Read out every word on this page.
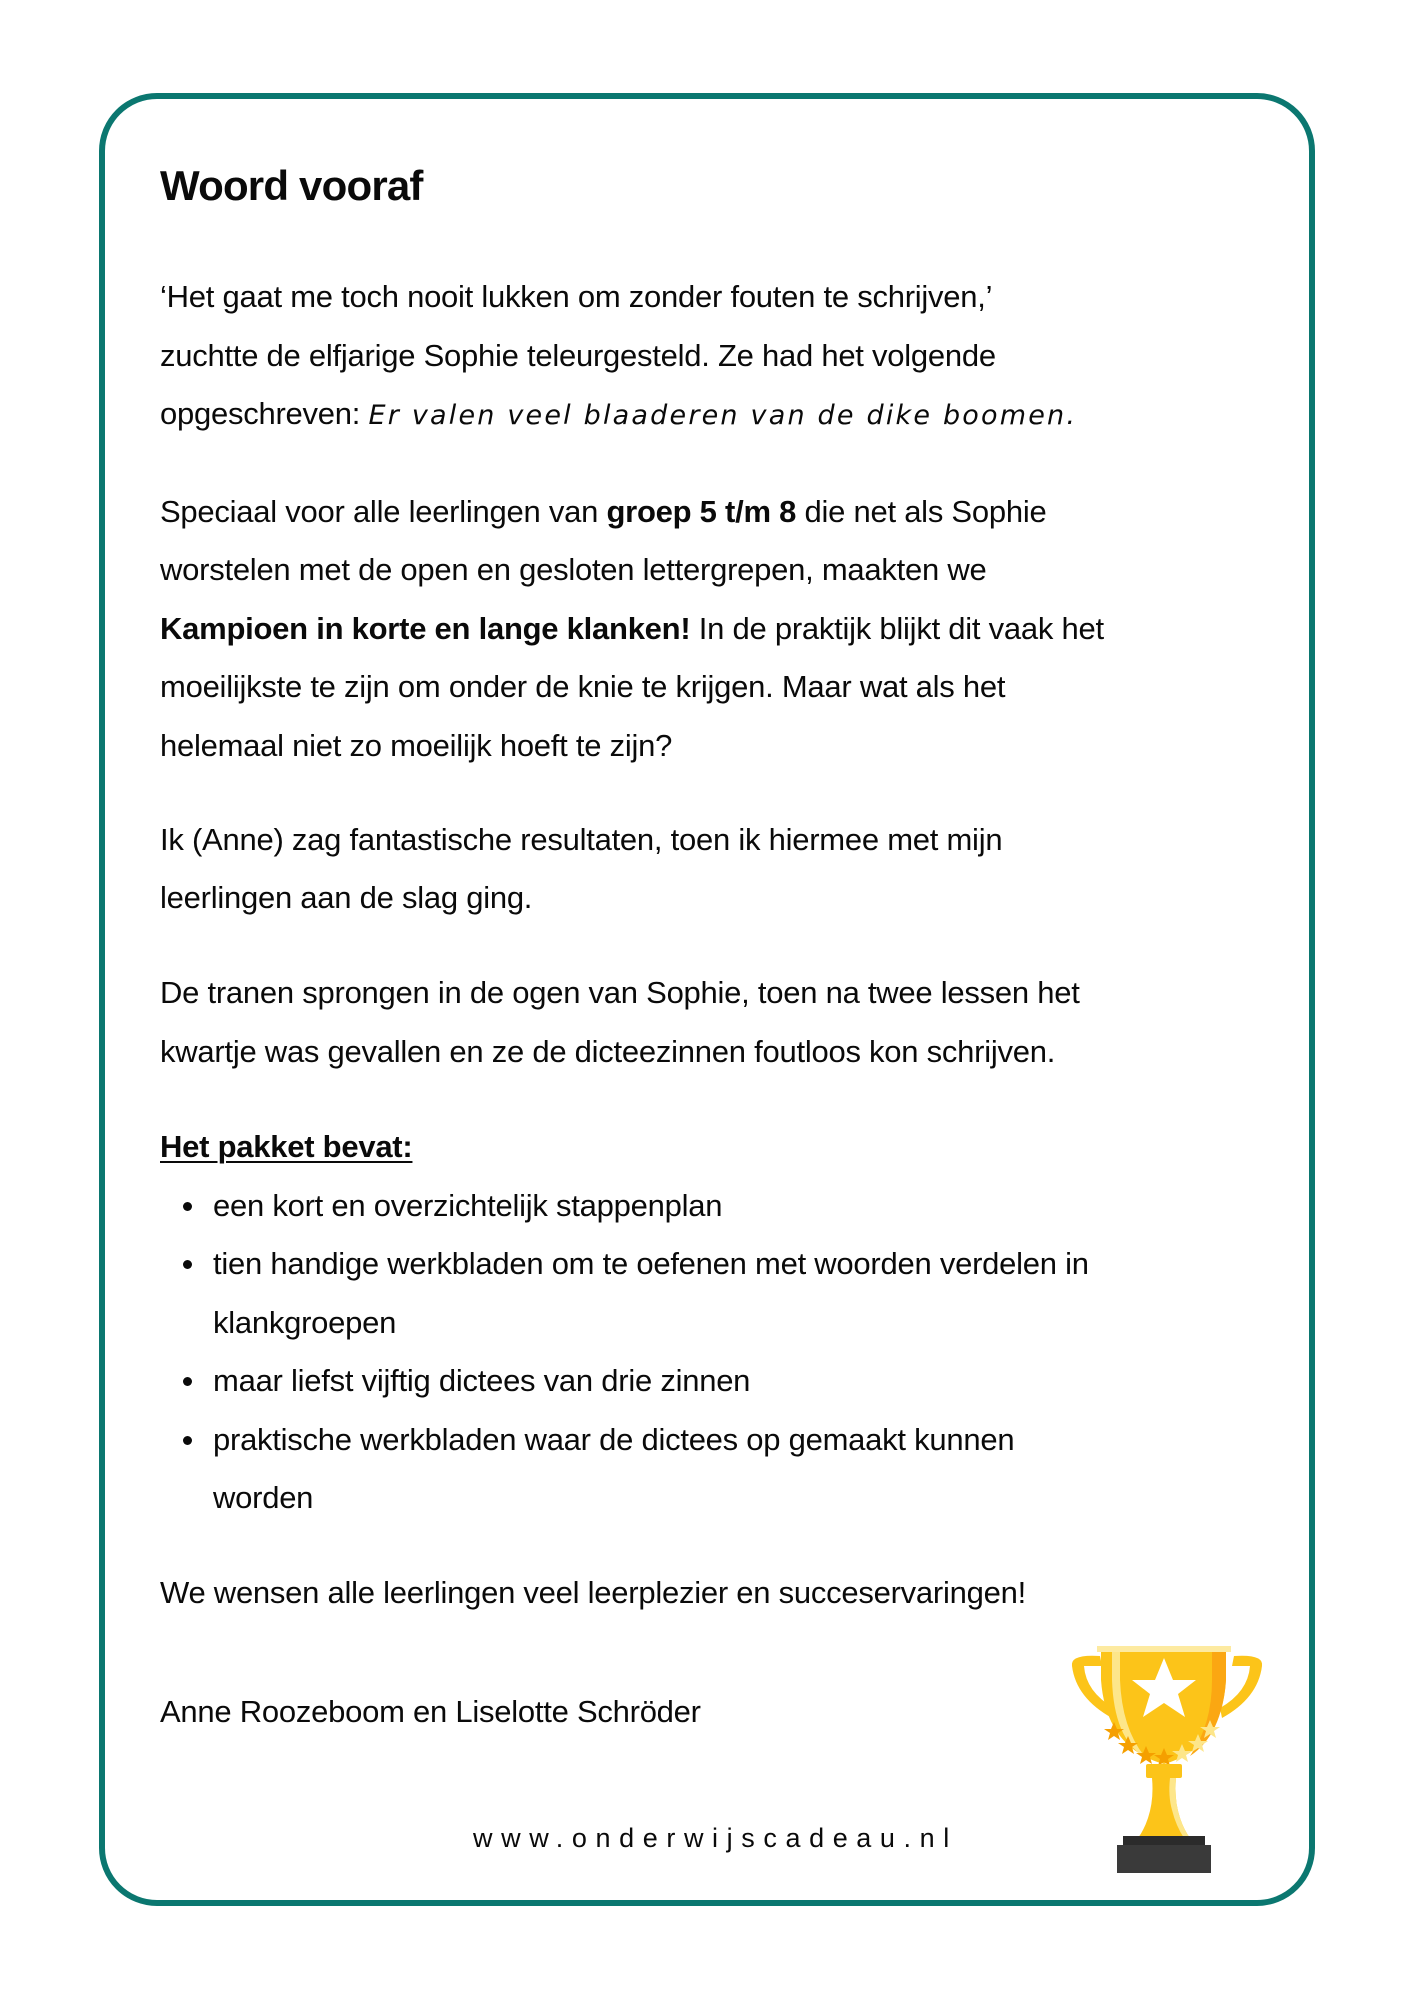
Woord vooraf
‘Het gaat me toch nooit lukken om zonder fouten te schrijven,’
zuchtte de elfjarige Sophie teleurgesteld. Ze had het volgende
opgeschreven: Er valen veel blaaderen van de dike boomen.
Speciaal voor alle leerlingen van groep 5 t/m 8 die net als Sophie
worstelen met de open en gesloten lettergrepen, maakten we
Kampioen in korte en lange klanken! In de praktijk blijkt dit vaak het
moeilijkste te zijn om onder de knie te krijgen. Maar wat als het
helemaal niet zo moeilijk hoeft te zijn?
Ik (Anne) zag fantastische resultaten, toen ik hiermee met mijn
leerlingen aan de slag ging.
De tranen sprongen in de ogen van Sophie, toen na twee lessen het
kwartje was gevallen en ze de dicteezinnen foutloos kon schrijven.
Het pakket bevat:
een kort en overzichtelijk stappenplan
tien handige werkbladen om te oefenen met woorden verdelen in
klankgroepen
maar liefst vijftig dictees van drie zinnen
praktische werkbladen waar de dictees op gemaakt kunnen
worden
We wensen alle leerlingen veel leerplezier en succeservaringen!
Anne Roozeboom en Liselotte Schröder
www.onderwijscadeau.nl
